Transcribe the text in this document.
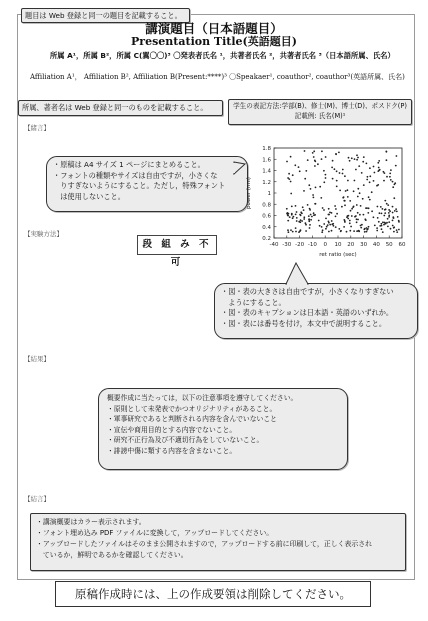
題目は Web 登録と同一の題目を記載すること。
講演題目（日本語題目）
Presentation Title(英語題目)
所属 A¹，所属 B²，所属 C(翼〇〇)³ 〇発表者氏名 ¹，共著者氏名 ²，共著者氏名 ³（日本語所属、氏名）
Affiliation A¹， Affiliation B², Affiliation B(Present:****)³ 〇Speakaer¹, coauthor², coauthor³(英語所属、氏名)
所属、著者名は Web 登録と同一のものを記載すること。	学生の表記方法:学部(B)、修士(M)、博士(D)、ポスドク(P)
記載例: 氏名(M)¹
【緒言】
【実験方法】
【結果】
【結言】
・原稿は A4 サイズ 1 ページにまとめること。
・フォントの種類やサイズは自由ですが，小さくな
　りすぎないようにすること。ただし，特殊フォント
　は使用しないこと。
段 組 み 不 可
-40 -30 -20 -10 0 10 20 30 40 50 60
0.2
0.4
0.6
0.8
1
1.2
1.4
1.6
1.8
ret ratio (sec)
power (nm)
・図・表の大きさは自由ですが，小さくなりすぎない
　ようにすること。
・図・表のキャプションは日本語・英語のいずれか。
・図・表には番号を付け，本文中で説明すること。
概要作成に当たっては，以下の注意事項を遵守してください。
・原則として未発表でかつオリジナリティがあること。
・軍事研究であると判断される内容を含んでいないこと
・宣伝や商用目的とする内容でないこと。
・研究不正行為及び不適切行為をしていないこと。
・誹謗中傷に類する内容を含まないこと。
・講演概要はカラー表示されます。
・フォント埋め込み PDF ファイルに変換して，アップロードしてください。
・アップロードしたファイルはそのまま公開されますので，アップロードする前に印刷して，正しく表示され
　ているか，鮮明であるかを確認してください。
原稿作成時には、上の作成要領は削除してください。
